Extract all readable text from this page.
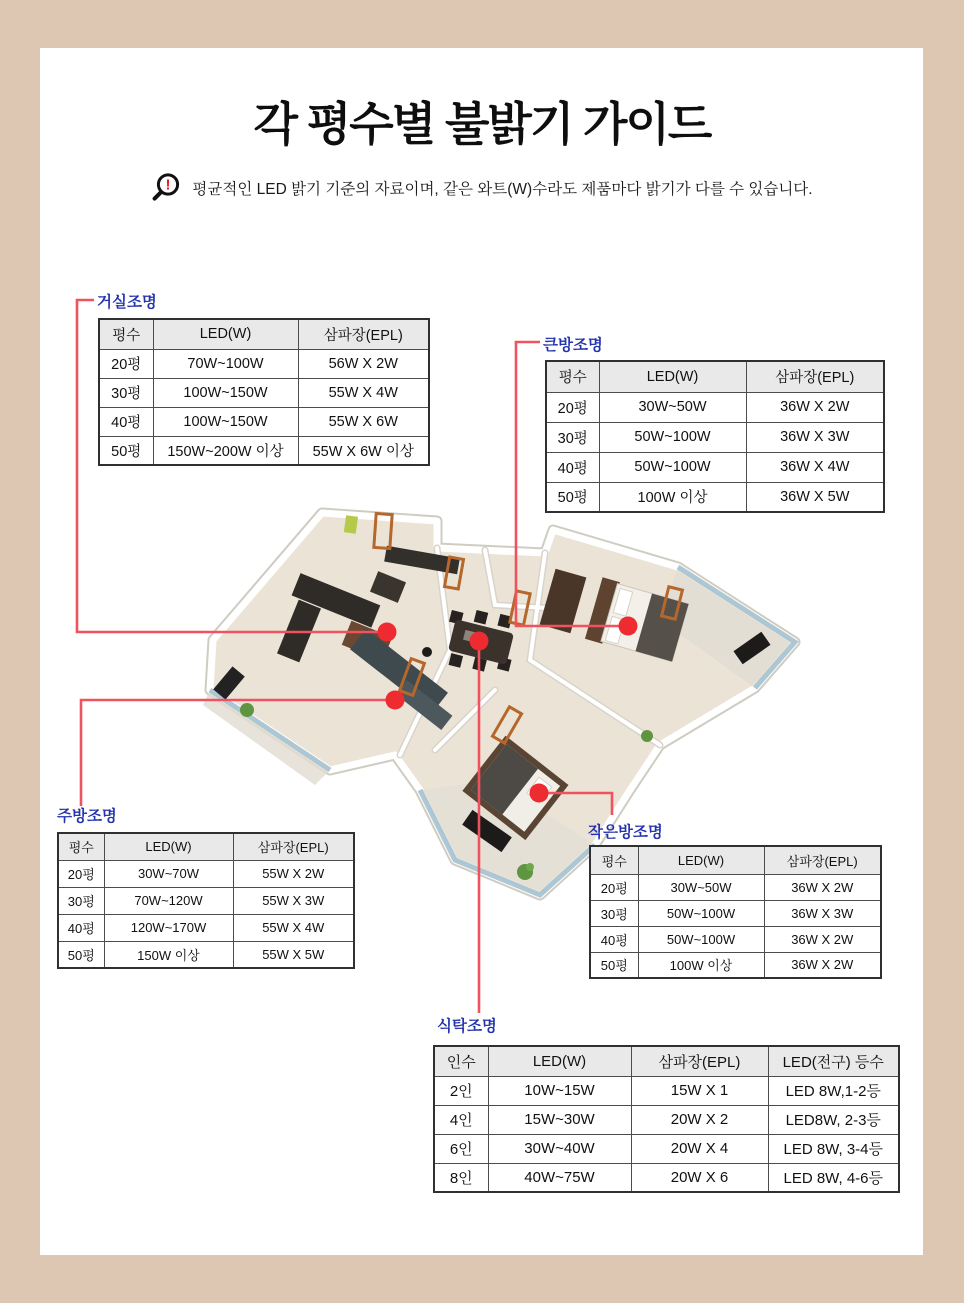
각 평수별 불밝기 가이드
! 평균적인 LED 밝기 기준의 자료이며, 같은 와트(W)수라도 제품마다 밝기가 다를 수 있습니다.
거실조명
큰방조명
주방조명
작은방조명
식탁조명
평수	LED(W)	삼파장(EPL)
20평	70W~100W	56W X 2W
30평	100W~150W	55W X 4W
40평	100W~150W	55W X 6W
50평	150W~200W 이상	55W X 6W 이상
평수	LED(W)	삼파장(EPL)
20평	30W~50W	36W X 2W
30평	50W~100W	36W X 3W
40평	50W~100W	36W X 4W
50평	100W 이상	36W X 5W
평수	LED(W)	삼파장(EPL)
20평	30W~70W	55W X 2W
30평	70W~120W	55W X 3W
40평	120W~170W	55W X 4W
50평	150W 이상	55W X 5W
평수	LED(W)	삼파장(EPL)
20평	30W~50W	36W X 2W
30평	50W~100W	36W X 3W
40평	50W~100W	36W X 2W
50평	100W 이상	36W X 2W
인수	LED(W)	삼파장(EPL)	LED(전구) 등수
2인	10W~15W	15W X 1	LED 8W,1-2등
4인	15W~30W	20W X 2	LED8W, 2-3등
6인	30W~40W	20W X 4	LED 8W, 3-4등
8인	40W~75W	20W X 6	LED 8W, 4-6등
